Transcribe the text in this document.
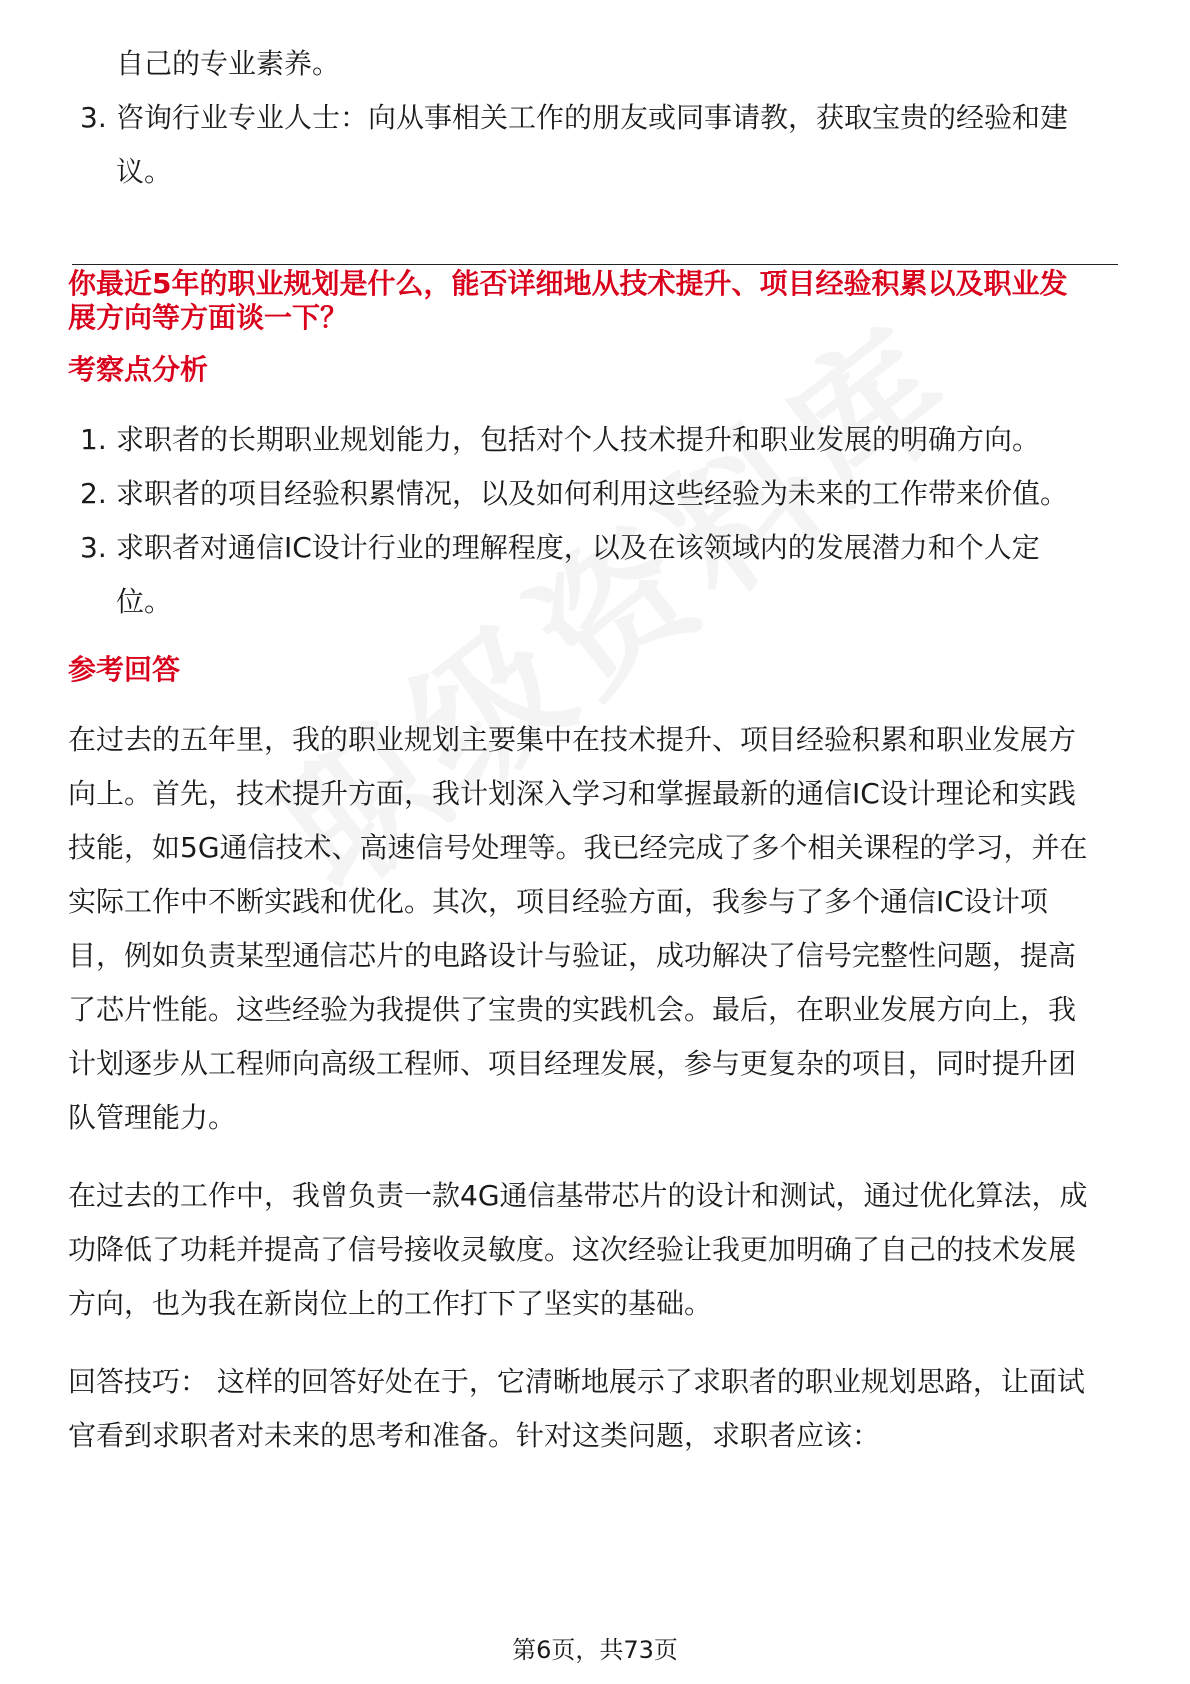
自己的专业素养。
3. 咨询行业专业人士：向从事相关工作的朋友或同事请教，获取宝贵的经验和建
议。
你最近5年的职业规划是什么，能否详细地从技术提升、项目经验积累以及职业发
展方向等方面谈一下？
考察点分析
1. 求职者的长期职业规划能力，包括对个人技术提升和职业发展的明确方向。
2. 求职者的项目经验积累情况，以及如何利用这些经验为未来的工作带来价值。
3. 求职者对通信IC设计行业的理解程度，以及在该领域内的发展潜力和个人定
位。
参考回答
在过去的五年里，我的职业规划主要集中在技术提升、项目经验积累和职业发展方
向上。首先，技术提升方面，我计划深入学习和掌握最新的通信IC设计理论和实践
技能，如5G通信技术、高速信号处理等。我已经完成了多个相关课程的学习，并在
实际工作中不断实践和优化。其次，项目经验方面，我参与了多个通信IC设计项
目，例如负责某型通信芯片的电路设计与验证，成功解决了信号完整性问题，提高
了芯片性能。这些经验为我提供了宝贵的实践机会。最后，在职业发展方向上，我
计划逐步从工程师向高级工程师、项目经理发展，参与更复杂的项目，同时提升团
队管理能力。
在过去的工作中，我曾负责一款4G通信基带芯片的设计和测试，通过优化算法，成
功降低了功耗并提高了信号接收灵敏度。这次经验让我更加明确了自己的技术发展
方向，也为我在新岗位上的工作打下了坚实的基础。
回答技巧： 这样的回答好处在于，它清晰地展示了求职者的职业规划思路，让面试
官看到求职者对未来的思考和准备。针对这类问题，求职者应该：
第6页，共73页
